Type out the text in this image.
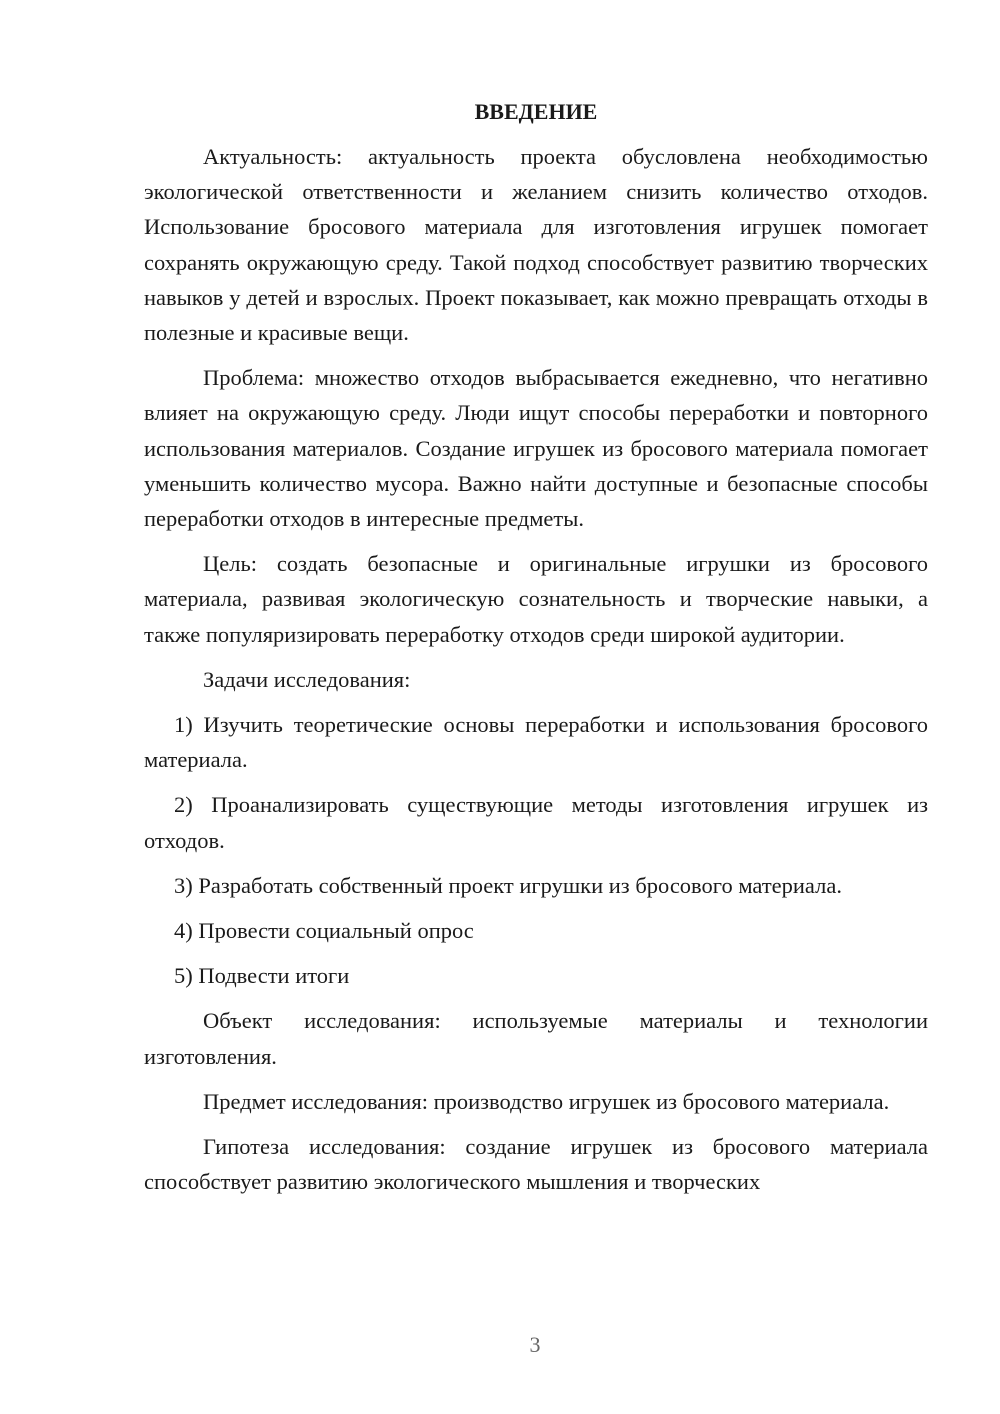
ВВЕДЕНИЕ

Актуальность: актуальность проекта обусловлена необходимостью экологической ответственности и желанием снизить количество отходов. Использование бросового материала для изготовления игрушек помогает сохранять окружающую среду. Такой подход способствует развитию творческих навыков у детей и взрослых. Проект показывает, как можно превращать отходы в полезные и красивые вещи.

Проблема: множество отходов выбрасывается ежедневно, что негативно влияет на окружающую среду. Люди ищут способы переработки и повторного использования материалов. Создание игрушек из бросового материала помогает уменьшить количество мусора. Важно найти доступные и безопасные способы переработки отходов в интересные предметы.

Цель: создать безопасные и оригинальные игрушки из бросового материала, развивая экологическую сознательность и творческие навыки, а также популяризировать переработку отходов среди широкой аудитории.

Задачи исследования:

1) Изучить теоретические основы переработки и использования бросового материала.

2) Проанализировать существующие методы изготовления игрушек из отходов.

3) Разработать собственный проект игрушки из бросового материала.

4) Провести социальный опрос

5) Подвести итоги

Объект исследования: используемые материалы и технологии изготовления.

Предмет исследования: производство игрушек из бросового материала.

Гипотеза исследования: создание игрушек из бросового материала способствует развитию экологического мышления и творческих

3
